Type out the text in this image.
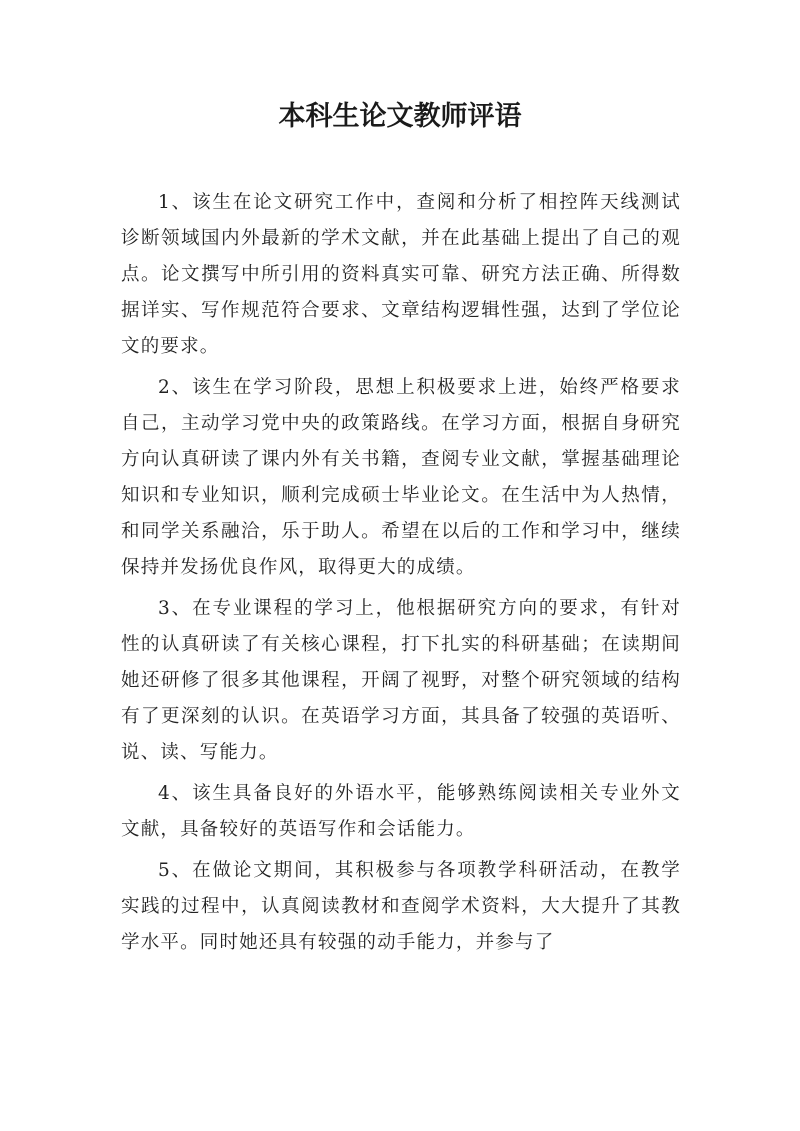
本科生论文教师评语

1、该生在论文研究工作中，查阅和分析了相控阵天线测试诊断领域国内外最新的学术文献，并在此基础上提出了自己的观点。论文撰写中所引用的资料真实可靠、研究方法正确、所得数据详实、写作规范符合要求、文章结构逻辑性强，达到了学位论文的要求。

2、该生在学习阶段，思想上积极要求上进，始终严格要求自己，主动学习党中央的政策路线。在学习方面，根据自身研究方向认真研读了课内外有关书籍，查阅专业文献，掌握基础理论知识和专业知识，顺利完成硕士毕业论文。在生活中为人热情，和同学关系融洽，乐于助人。希望在以后的工作和学习中，继续保持并发扬优良作风，取得更大的成绩。

3、在专业课程的学习上，他根据研究方向的要求，有针对性的认真研读了有关核心课程，打下扎实的科研基础；在读期间她还研修了很多其他课程，开阔了视野，对整个研究领域的结构有了更深刻的认识。在英语学习方面，其具备了较强的英语听、说、读、写能力。

4、该生具备良好的外语水平，能够熟练阅读相关专业外文文献，具备较好的英语写作和会话能力。

5、在做论文期间，其积极参与各项教学科研活动，在教学实践的过程中，认真阅读教材和查阅学术资料，大大提升了其教学水平。同时她还具有较强的动手能力，并参与了
